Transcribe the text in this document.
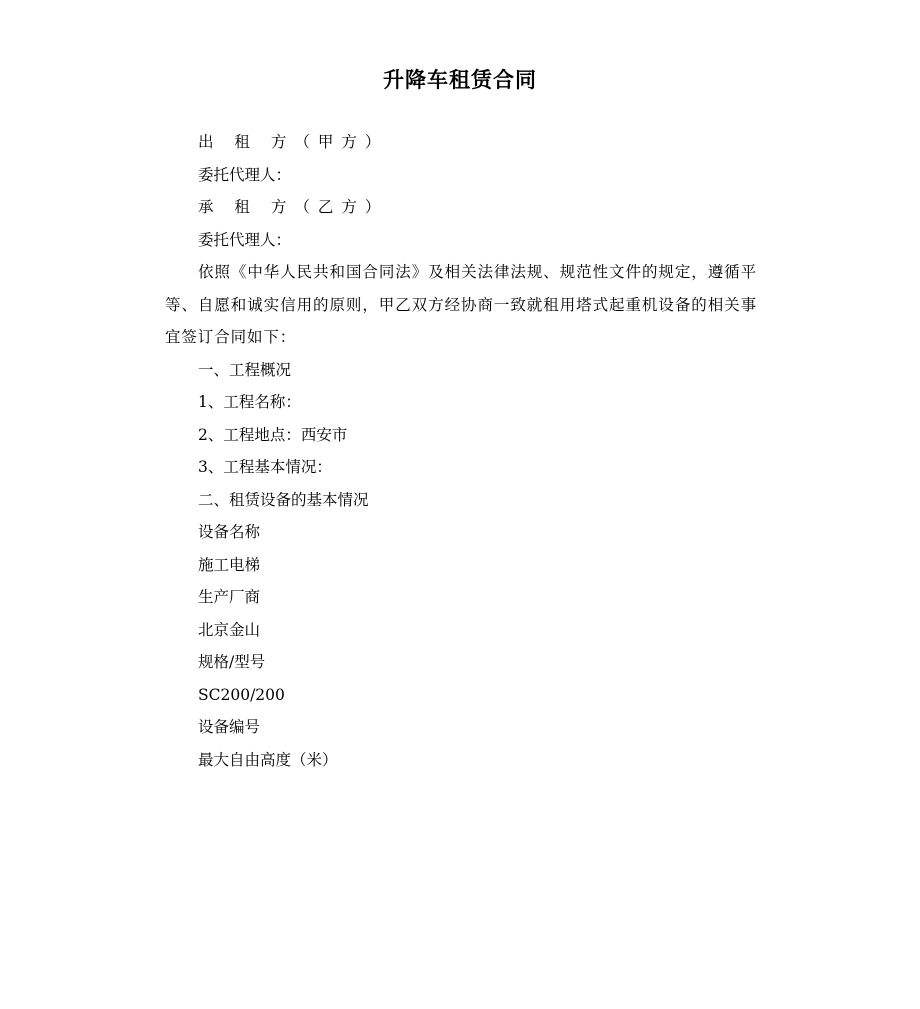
升降车租赁合同
出 租 方（甲方）
委托代理人：
承 租 方（乙方）
委托代理人：
依照《中华人民共和国合同法》及相关法律法规、规范性文件的规定，遵循平等、自愿和诚实信用的原则，甲乙双方经协商一致就租用塔式起重机设备的相关事宜签订合同如下：
一、工程概况
1、工程名称：
2、工程地点：西安市
3、工程基本情况：
二、租赁设备的基本情况
设备名称
施工电梯
生产厂商
北京金山
规格/型号
SC200/200
设备编号
最大自由高度（米）
